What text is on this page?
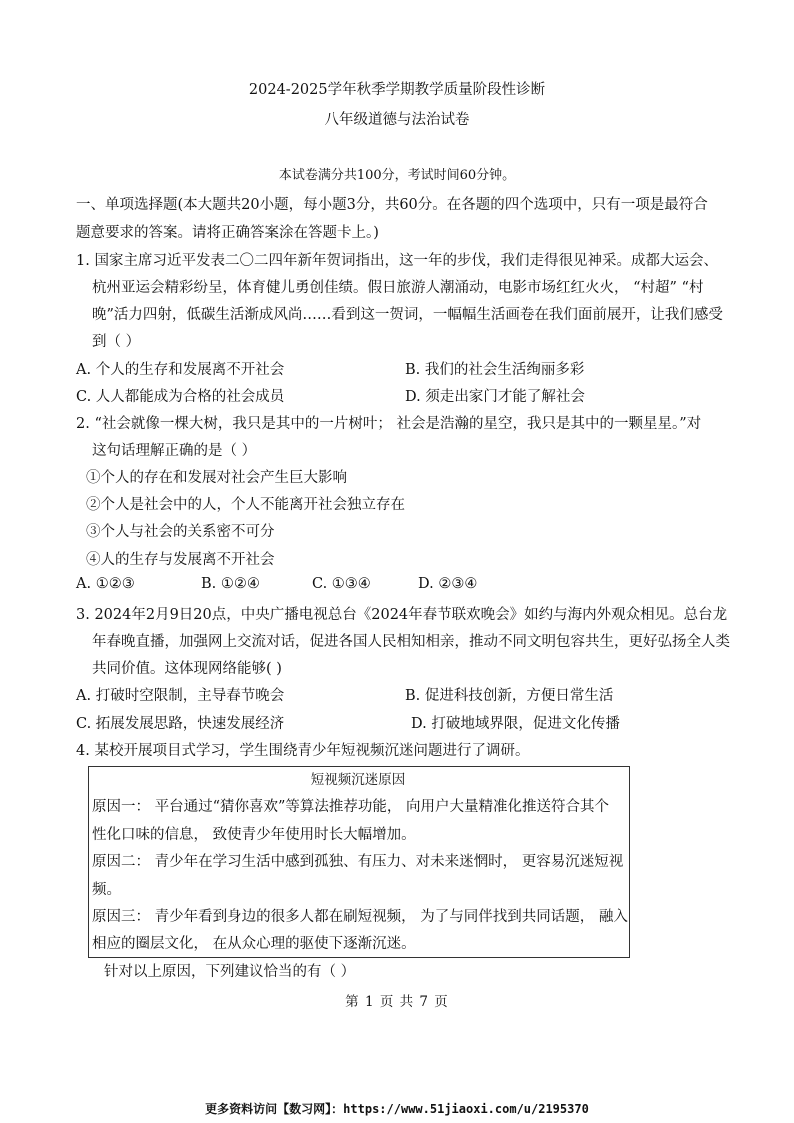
2024-2025学年秋季学期教学质量阶段性诊断
八年级道德与法治试卷
本试卷满分共100分，考试时间60分钟。
一、单项选择题(本大题共20小题，每小题3分，共60分。在各题的四个选项中，只有一项是最符合
题意要求的答案。请将正确答案涂在答题卡上。)
1. 国家主席习近平发表二〇二四年新年贺词指出，这一年的步伐，我们走得很见神采。成都大运会、
杭州亚运会精彩纷呈，体育健儿勇创佳绩。假日旅游人潮涌动，电影市场红红火火， “村超” “村
晚”活力四射，低碳生活渐成风尚……看到这一贺词，一幅幅生活画卷在我们面前展开，让我们感受
到（ ）
A. 个人的生存和发展离不开社会	B. 我们的社会生活绚丽多彩
C. 人人都能成为合格的社会成员	D. 须走出家门才能了解社会
2. “社会就像一棵大树，我只是其中的一片树叶； 社会是浩瀚的星空，我只是其中的一颗星星。”对
这句话理解正确的是（ ）
①个人的存在和发展对社会产生巨大影响
②个人是社会中的人，个人不能离开社会独立存在
③个人与社会的关系密不可分
④人的生存与发展离不开社会
A. ①②③	B. ①②④	C. ①③④	D. ②③④
3. 2024年2月9日20点，中央广播电视总台《2024年春节联欢晚会》如约与海内外观众相见。总台龙
年春晚直播，加强网上交流对话，促进各国人民相知相亲，推动不同文明包容共生，更好弘扬全人类
共同价值。这体现网络能够( )
A. 打破时空限制，主导春节晚会	B. 促进科技创新，方便日常生活
C. 拓展发展思路，快速发展经济	D. 打破地域界限，促进文化传播
4. 某校开展项目式学习，学生围绕青少年短视频沉迷问题进行了调研。
短视频沉迷原因
原因一： 平台通过“猜你喜欢”等算法推荐功能， 向用户大量精准化推送符合其个
性化口味的信息， 致使青少年使用时长大幅增加。
原因二： 青少年在学习生活中感到孤独、有压力、对未来迷惘时， 更容易沉迷短视
频。
原因三： 青少年看到身边的很多人都在刷短视频， 为了与同伴找到共同话题， 融入
相应的圈层文化， 在从众心理的驱使下逐渐沉迷。
针对以上原因，下列建议恰当的有（ ）
第 1 页 共 7 页
更多资料访问【数习网】：https://www.51jiaoxi.com/u/2195370
